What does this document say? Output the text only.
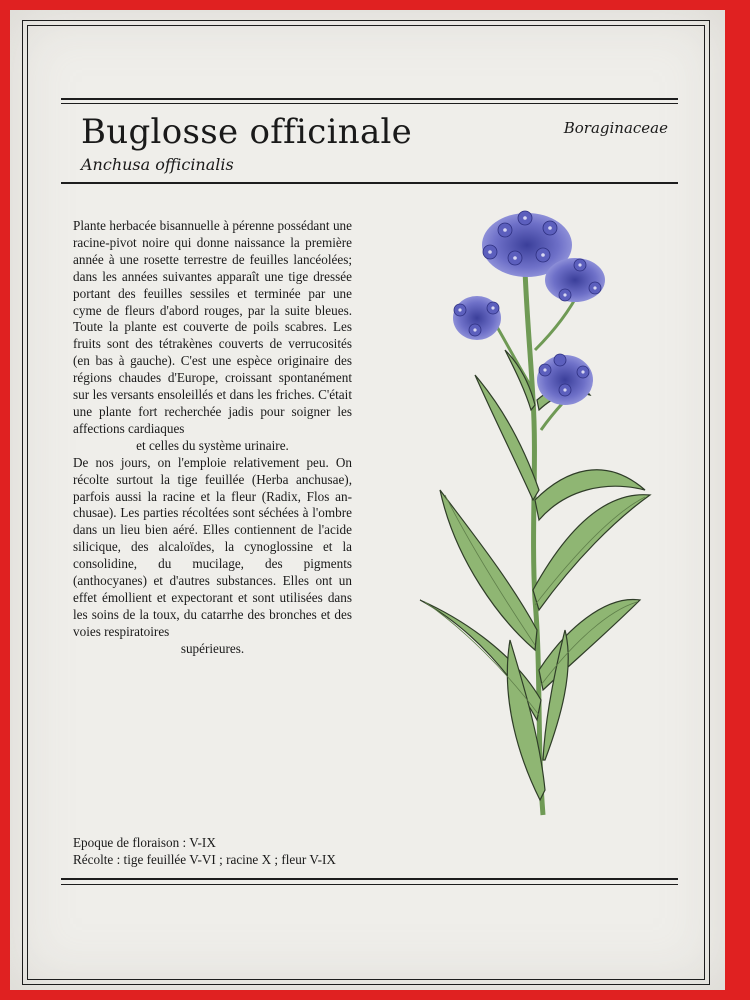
Buglosse officinale
Anchusa officinalis
Boraginaceae

Plante herbacée bisannuelle à pérenne possédant une racine-pivot noire qui donne naissance la première année à une rosette terrestre de feuilles lancéolées; dans les années suivantes apparaît une tige dressée portant des feuilles sessiles et terminée par une cyme de fleurs d'abord rouges, par la suite bleues. Toute la plante est couverte de poils scabres. Les fruits sont des tétrakènes couverts de verrucosités (en bas à gauche). C'est une espèce originaire des régions chaudes d'Europe, croissant spontanément sur les versants ensoleillés et dans les friches. C'était une plante fort recherchée jadis pour soigner les affections cardiaques

et celles du système urinaire.

De nos jours, on l'emploie relativement peu. On récolte surtout la tige feuillée (Herba anchusae), parfois aussi la racine et la fleur (Radix, Flos anchusae). Les parties récoltées sont séchées à l'ombre dans un lieu bien aéré. Elles contiennent de l'acide silicique, des alcaloïdes, la cynoglossine et la consolidine, du mucilage, des pigments (anthocyanes) et d'autres substances. Elles ont un effet émollient et expectorant et sont utilisées dans les soins de la toux, du catarrhe des bronches et des voies respiratoires

supérieures.

Epoque de floraison : V-IX
Récolte : tige feuillée V-VI ; racine X ; fleur V-IX
